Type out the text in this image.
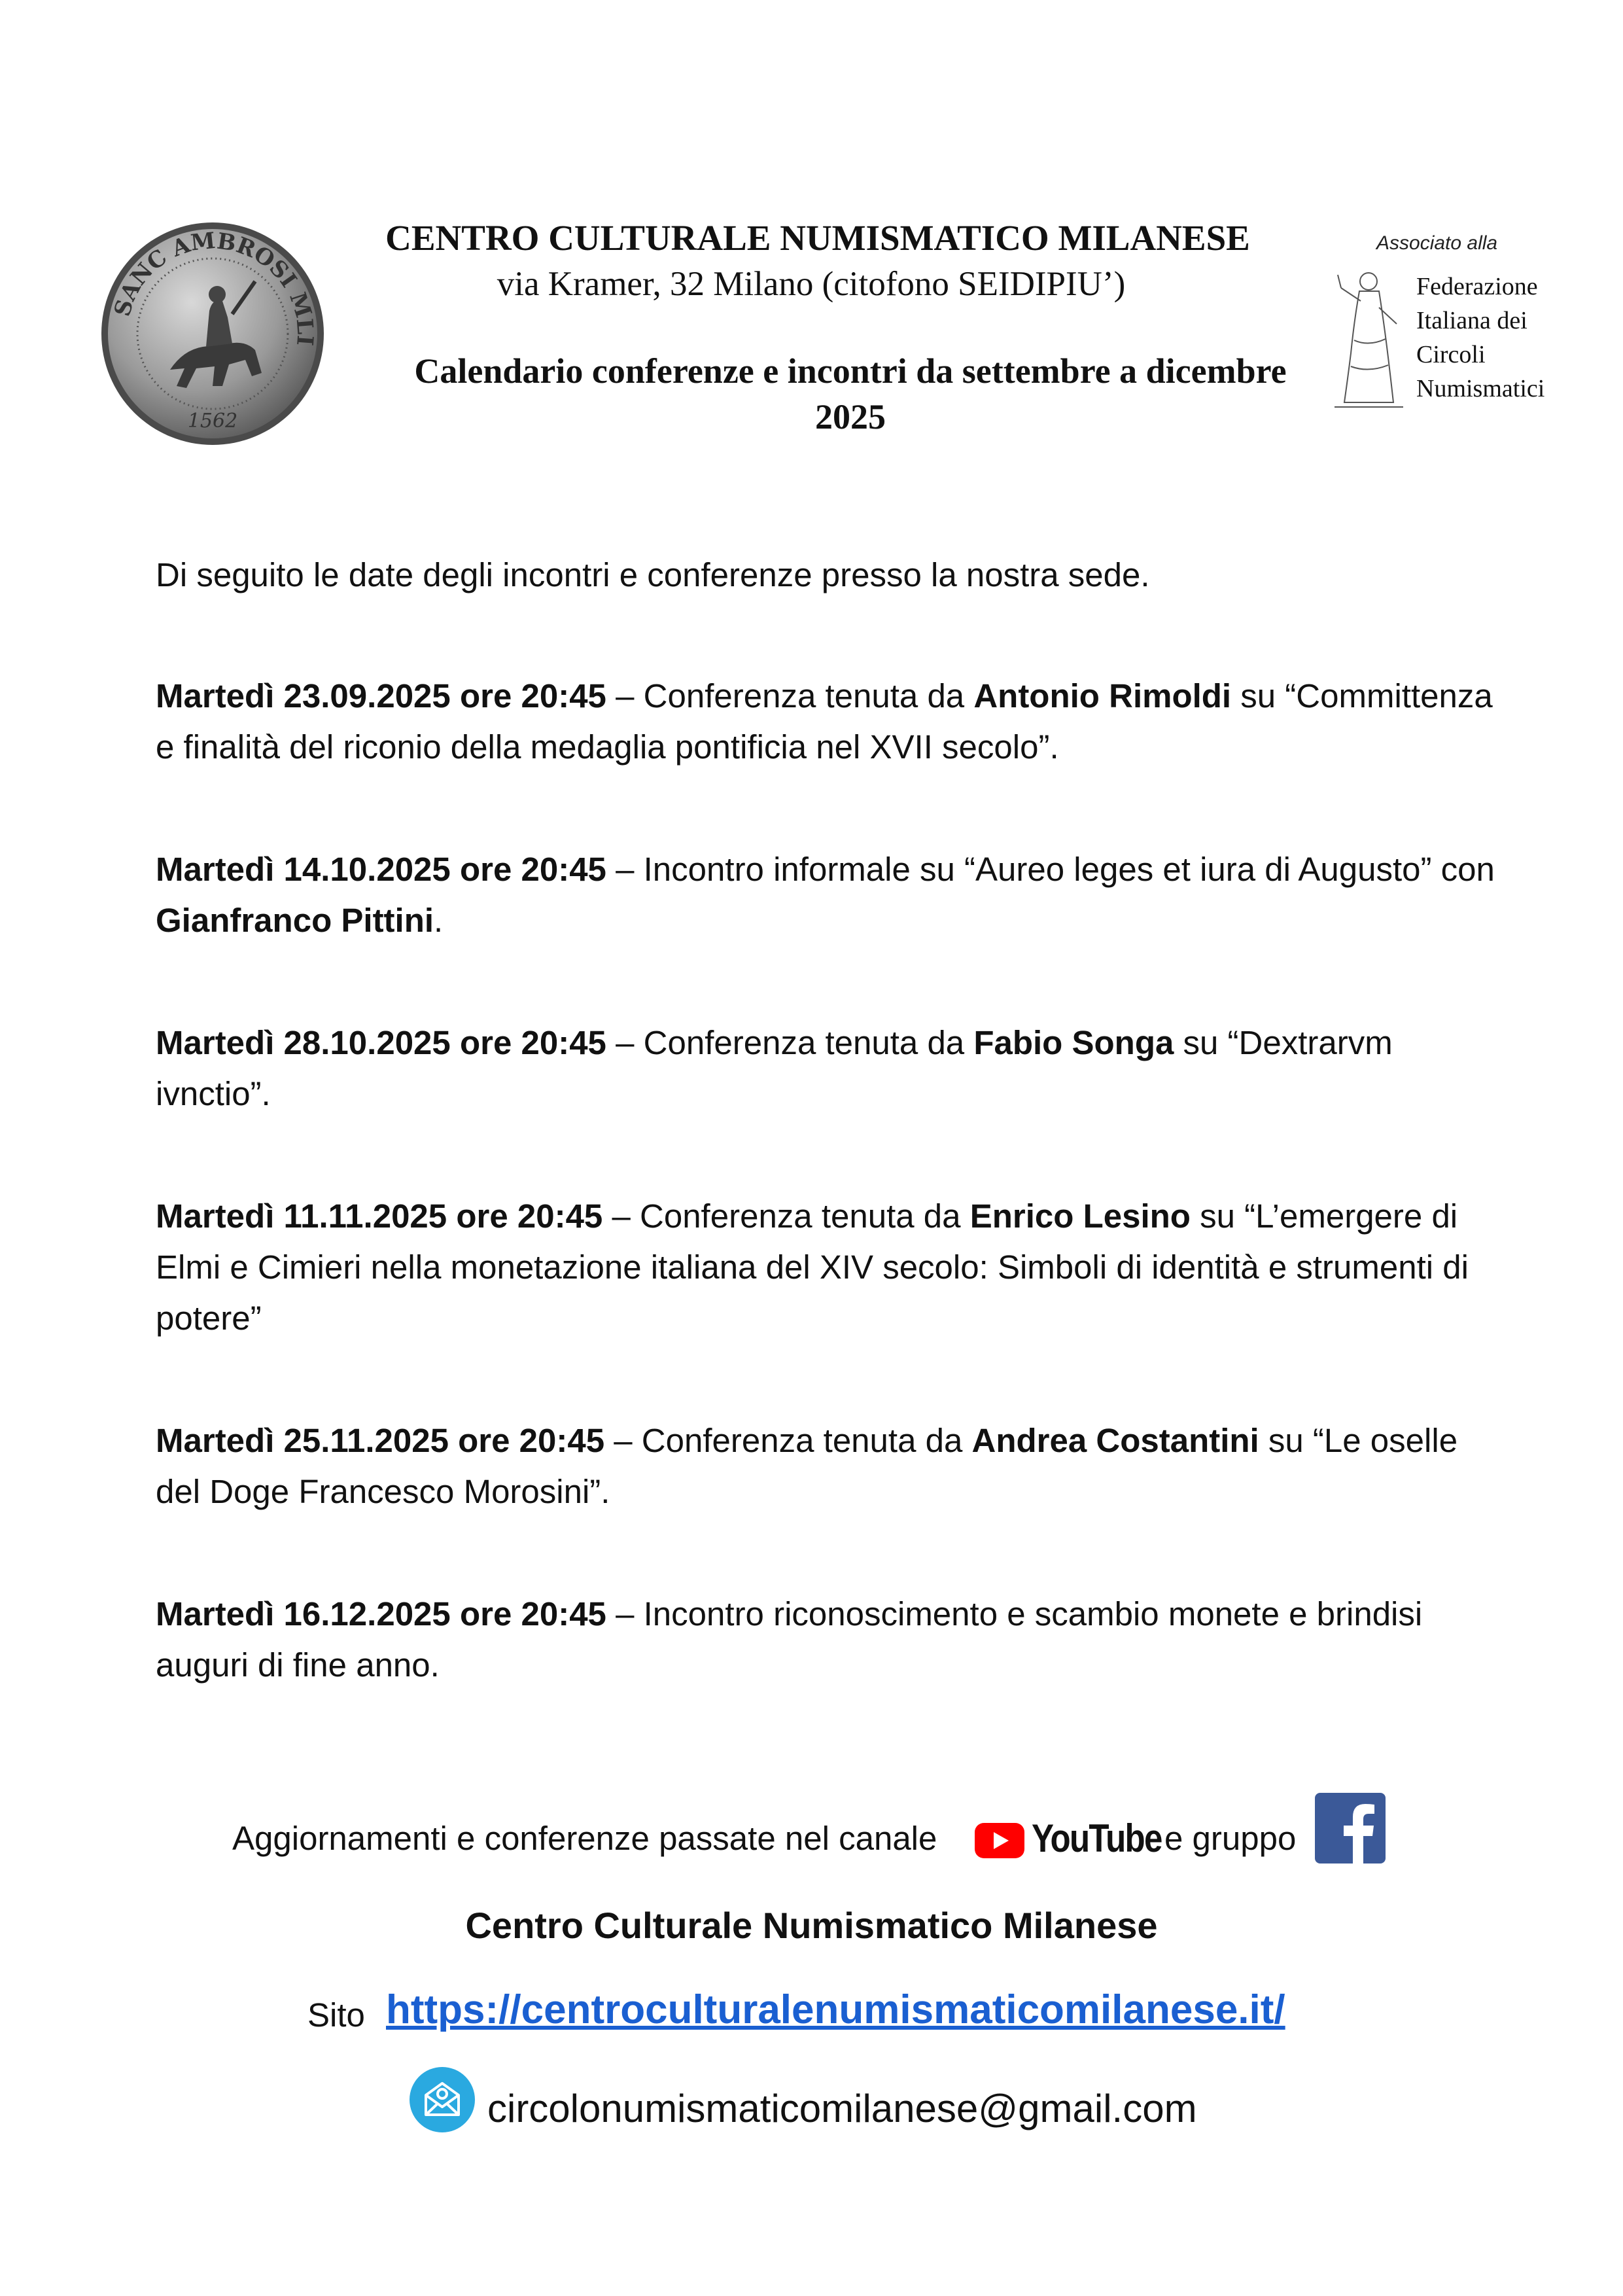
SANC AMBROSI MLI
1562
CENTRO CULTURALE NUMISMATICO MILANESE
via Kramer, 32 Milano (citofono SEIDIPIU’)
Calendario conferenze e incontri da settembre a dicembre
2025
Associato alla
Federazione
Italiana dei
Circoli
Numismatici

Di seguito le date degli incontri e conferenze presso la nostra sede.

Martedì 23.09.2025 ore 20:45 – Conferenza tenuta da Antonio Rimoldi su “Committenza e finalità del riconio della medaglia pontificia nel XVII secolo”.

Martedì 14.10.2025 ore 20:45 – Incontro informale su “Aureo leges et iura di Augusto” con Gianfranco Pittini.

Martedì 28.10.2025 ore 20:45 – Conferenza tenuta da Fabio Songa su “Dextrarvm ivnctio”.

Martedì 11.11.2025 ore 20:45 – Conferenza tenuta da Enrico Lesino su “L’emergere di Elmi e Cimieri nella monetazione italiana del XIV secolo: Simboli di identità e strumenti di potere”

Martedì 25.11.2025 ore 20:45 – Conferenza tenuta da Andrea Costantini su “Le oselle del Doge Francesco Morosini”.

Martedì 16.12.2025 ore 20:45 – Incontro riconoscimento e scambio monete e brindisi auguri di fine anno.

Aggiornamenti e conferenze passate nel canale YouTube e gruppo
Centro Culturale Numismatico Milanese
Sito https://centroculturalenumismaticomilanese.it/
circolonumismaticomilanese@gmail.com
